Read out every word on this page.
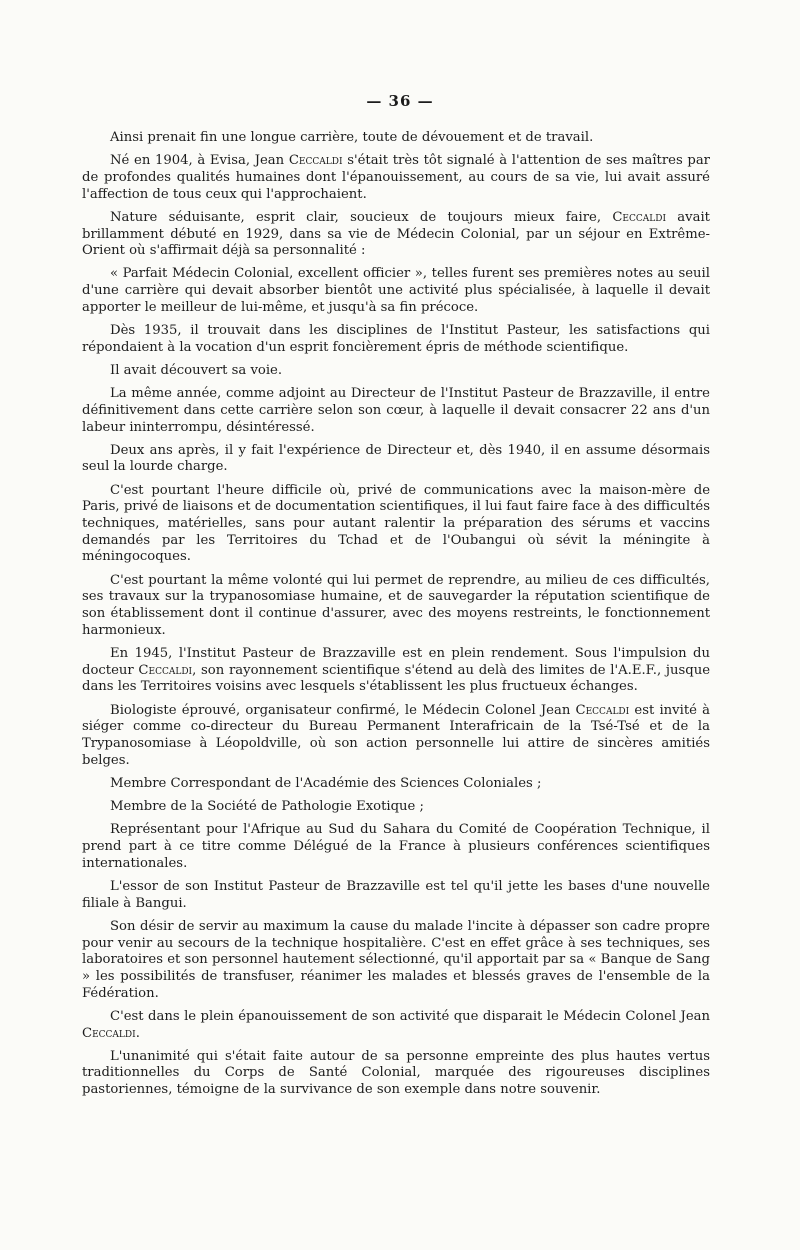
— 36 —

Ainsi prenait fin une longue carrière, toute de dévouement et de travail.

Né en 1904, à Evisa, Jean Ceccaldi s'était très tôt signalé à l'attention de ses maîtres par de profondes qualités humaines dont l'épanouissement, au cours de sa vie, lui avait assuré l'affection de tous ceux qui l'approchaient.

Nature séduisante, esprit clair, soucieux de toujours mieux faire, Ceccaldi avait brillamment débuté en 1929, dans sa vie de Médecin Colonial, par un séjour en Extrême-Orient où s'affirmait déjà sa personnalité :

« Parfait Médecin Colonial, excellent officier », telles furent ses premières notes au seuil d'une carrière qui devait absorber bientôt une activité plus spécialisée, à laquelle il devait apporter le meilleur de lui-même, et jusqu'à sa fin précoce.

Dès 1935, il trouvait dans les disciplines de l'Institut Pasteur, les satisfactions qui répondaient à la vocation d'un esprit foncièrement épris de méthode scientifique.

Il avait découvert sa voie.

La même année, comme adjoint au Directeur de l'Institut Pasteur de Brazzaville, il entre définitivement dans cette carrière selon son cœur, à laquelle il devait consacrer 22 ans d'un labeur ininterrompu, désintéressé.

Deux ans après, il y fait l'expérience de Directeur et, dès 1940, il en assume désormais seul la lourde charge.

C'est pourtant l'heure difficile où, privé de communications avec la maison-mère de Paris, privé de liaisons et de documentation scientifiques, il lui faut faire face à des difficultés techniques, matérielles, sans pour autant ralentir la préparation des sérums et vaccins demandés par les Territoires du Tchad et de l'Oubangui où sévit la méningite à méningocoques.

C'est pourtant la même volonté qui lui permet de reprendre, au milieu de ces difficultés, ses travaux sur la trypanosomiase humaine, et de sauvegarder la réputation scientifique de son établissement dont il continue d'assurer, avec des moyens restreints, le fonctionnement harmonieux.

En 1945, l'Institut Pasteur de Brazzaville est en plein rendement. Sous l'impulsion du docteur Ceccaldi, son rayonnement scientifique s'étend au delà des limites de l'A.E.F., jusque dans les Territoires voisins avec lesquels s'établissent les plus fructueux échanges.

Biologiste éprouvé, organisateur confirmé, le Médecin Colonel Jean Ceccaldi est invité à siéger comme co-directeur du Bureau Permanent Interafricain de la Tsé-Tsé et de la Trypanosomiase à Léopoldville, où son action personnelle lui attire de sincères amitiés belges.

Membre Correspondant de l'Académie des Sciences Coloniales ;

Membre de la Société de Pathologie Exotique ;

Représentant pour l'Afrique au Sud du Sahara du Comité de Coopération Technique, il prend part à ce titre comme Délégué de la France à plusieurs conférences scientifiques internationales.

L'essor de son Institut Pasteur de Brazzaville est tel qu'il jette les bases d'une nouvelle filiale à Bangui.

Son désir de servir au maximum la cause du malade l'incite à dépasser son cadre propre pour venir au secours de la technique hospitalière. C'est en effet grâce à ses techniques, ses laboratoires et son personnel hautement sélectionné, qu'il apportait par sa « Banque de Sang » les possibilités de transfuser, réanimer les malades et blessés graves de l'ensemble de la Fédération.

C'est dans le plein épanouissement de son activité que disparait le Médecin Colonel Jean Ceccaldi.

L'unanimité qui s'était faite autour de sa personne empreinte des plus hautes vertus traditionnelles du Corps de Santé Colonial, marquée des rigoureuses disciplines pastoriennes, témoigne de la survivance de son exemple dans notre souvenir.
